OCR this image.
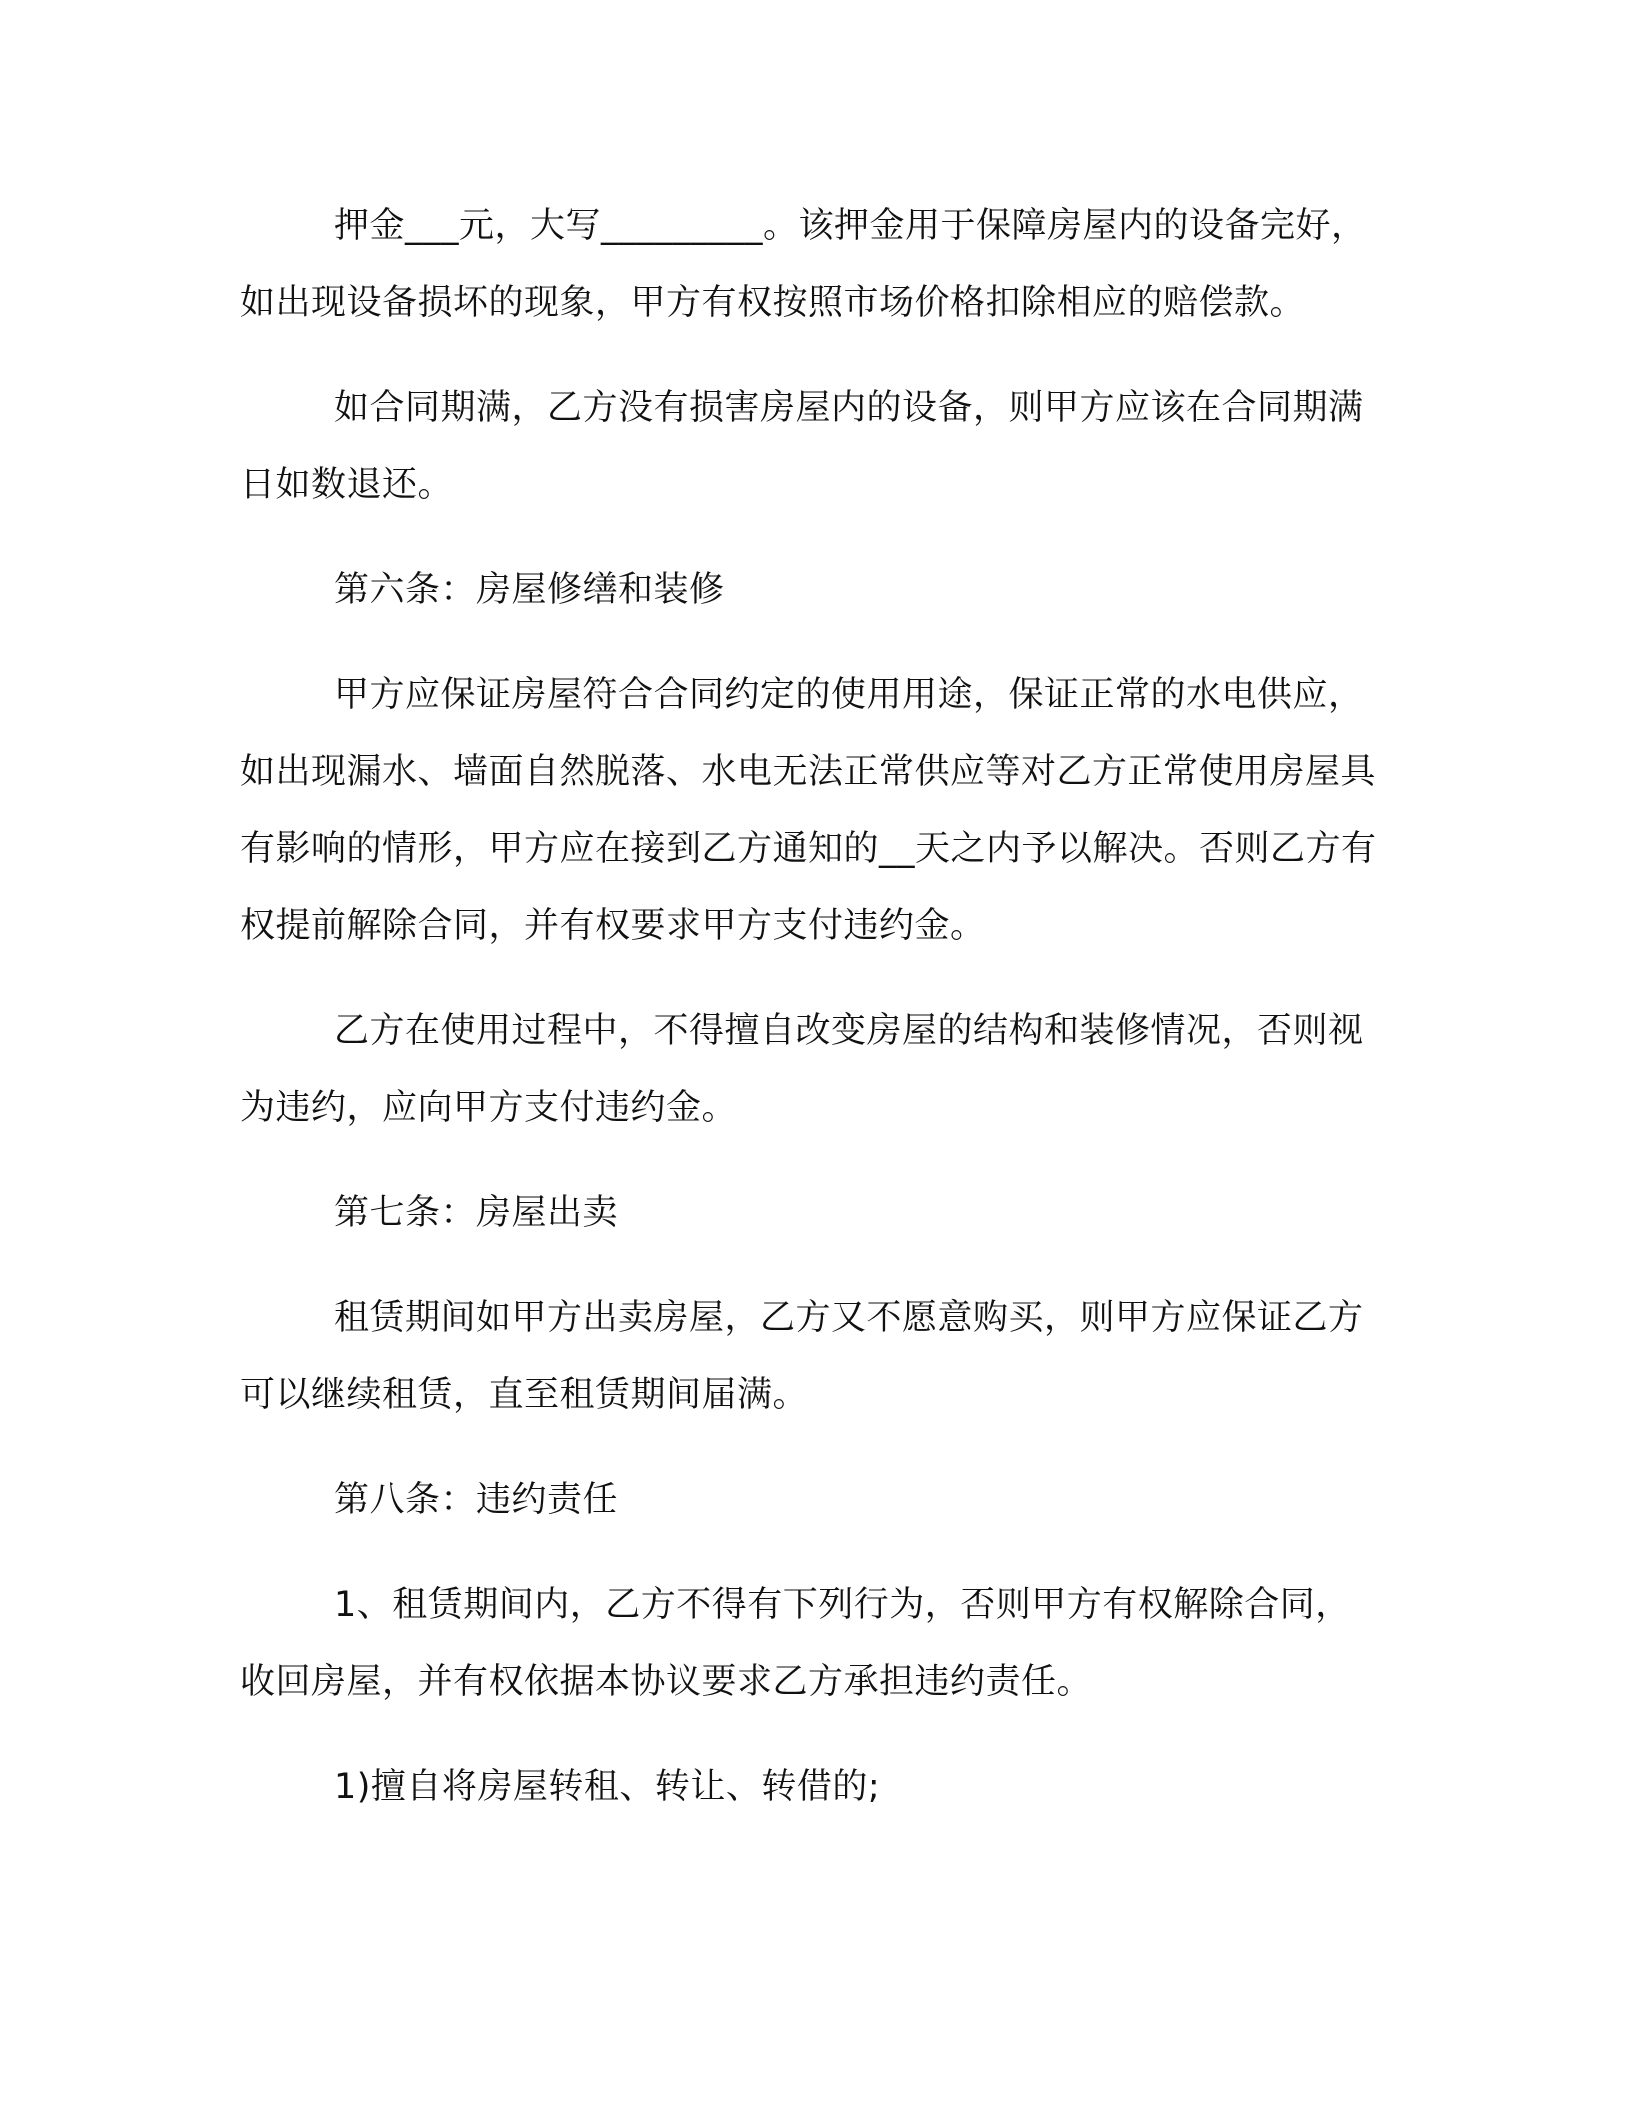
押金___元，大写_________。该押金用于保障房屋内的设备完好，如出现设备损坏的现象，甲方有权按照市场价格扣除相应的赔偿款。

如合同期满，乙方没有损害房屋内的设备，则甲方应该在合同期满日如数退还。

第六条：房屋修缮和装修

甲方应保证房屋符合合同约定的使用用途，保证正常的水电供应，如出现漏水、墙面自然脱落、水电无法正常供应等对乙方正常使用房屋具有影响的情形，甲方应在接到乙方通知的__天之内予以解决。否则乙方有权提前解除合同，并有权要求甲方支付违约金。

乙方在使用过程中，不得擅自改变房屋的结构和装修情况，否则视为违约，应向甲方支付违约金。

第七条：房屋出卖

租赁期间如甲方出卖房屋，乙方又不愿意购买，则甲方应保证乙方可以继续租赁，直至租赁期间届满。

第八条：违约责任

1、租赁期间内，乙方不得有下列行为，否则甲方有权解除合同，收回房屋，并有权依据本协议要求乙方承担违约责任。

1)擅自将房屋转租、转让、转借的;
